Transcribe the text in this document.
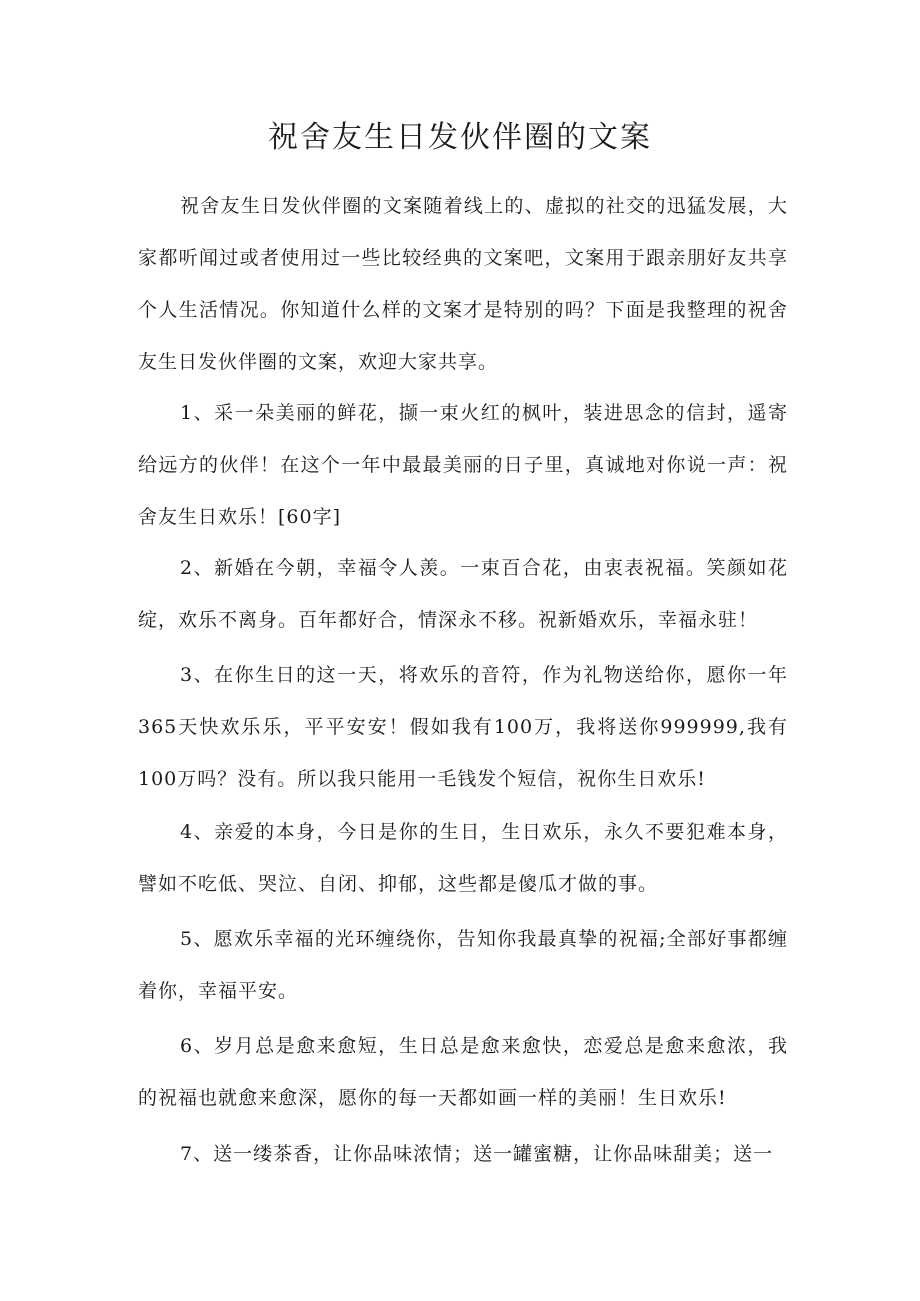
祝舍友生日发伙伴圈的文案

祝舍友生日发伙伴圈的文案随着线上的、虚拟的社交的迅猛发展，大家都听闻过或者使用过一些比较经典的文案吧，文案用于跟亲朋好友共享个人生活情况。你知道什么样的文案才是特别的吗？下面是我整理的祝舍友生日发伙伴圈的文案，欢迎大家共享。

1、采一朵美丽的鲜花，撷一束火红的枫叶，装进思念的信封，遥寄给远方的伙伴！在这个一年中最最美丽的日子里，真诚地对你说一声：祝舍友生日欢乐！[60字]

2、新婚在今朝，幸福令人羡。一束百合花，由衷表祝福。笑颜如花绽，欢乐不离身。百年都好合，情深永不移。祝新婚欢乐，幸福永驻！

3、在你生日的这一天，将欢乐的音符，作为礼物送给你，愿你一年365天快欢乐乐，平平安安！假如我有100万，我将送你999999,我有100万吗？没有。所以我只能用一毛钱发个短信，祝你生日欢乐!

4、亲爱的本身，今日是你的生日，生日欢乐，永久不要犯难本身，譬如不吃低、哭泣、自闭、抑郁，这些都是傻瓜才做的事。

5、愿欢乐幸福的光环缠绕你，告知你我最真挚的祝福;全部好事都缠着你，幸福平安。

6、岁月总是愈来愈短，生日总是愈来愈快，恋爱总是愈来愈浓，我的祝福也就愈来愈深，愿你的每一天都如画一样的美丽！生日欢乐!

7、送一缕茶香，让你品味浓情；送一罐蜜糖，让你品味甜美；送一
